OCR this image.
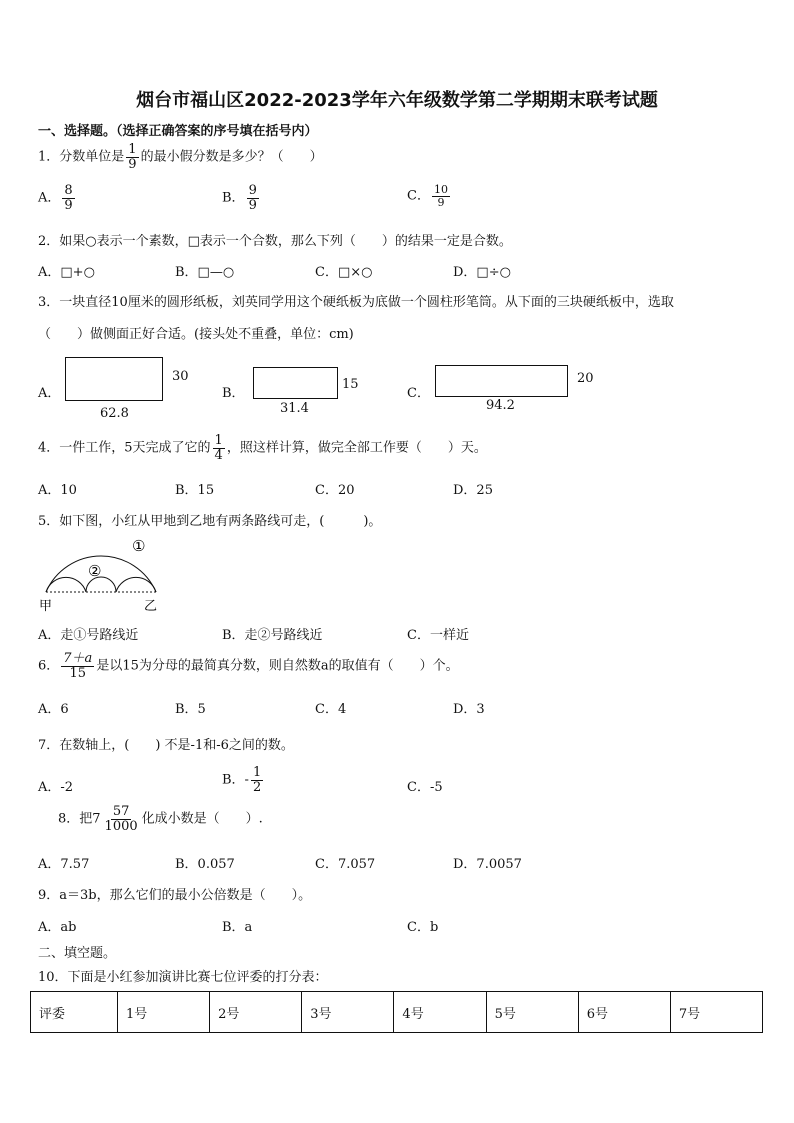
烟台市福山区2022-2023学年六年级数学第二学期期末联考试题
一、选择题。（选择正确答案的序号填在括号内）
1．分数单位是 $\frac{1}{9}$ 的最小假分数是多少？（　　）
A． $\frac{8}{9}$	B． $\frac{9}{9}$	C． $\frac{10}{9}$
2．如果○表示一个素数，□表示一个合数，那么下列（　　）的结果一定是合数。
A．□+○	B．□—○	C．□×○	D．□÷○
3．一块直径10厘米的圆形纸板，刘英同学用这个硬纸板为底做一个圆柱形笔筒。从下面的三块硬纸板中，选取
（　　）做侧面正好合适。(接头处不重叠，单位：cm)
A．
30
62.8
B．
15
31.4
C．
20
94.2
4．一件工作，5天完成了它的 $\frac{1}{4}$ ，照这样计算，做完全部工作要（　　）天。
A．10	B．15	C．20	D．25
5．如下图，小红从甲地到乙地有两条路线可走，(　　　)。
①
②
甲	乙
A．走①号路线近	B．走②号路线近	C．一样近
6． $\frac{7+a}{15}$ 是以15为分母的最简真分数，则自然数a的取值有（　　）个。
A．6	B．5	C．4	D．3
7．在数轴上，(　　) 不是-1和-6之间的数。
A．-2	B．- $\frac{1}{2}$	C．-5
8．把$7 \frac{57}{1000}$ 化成小数是（　　）.
A．7.57	B．0.057	C．7.057	D．7.0057
9．a＝3b，那么它们的最小公倍数是（　　）。
A．ab	B．a	C．b
二、填空题。
10．下面是小红参加演讲比赛七位评委的打分表：
评委	1号	2号	3号	4号	5号	6号	7号
